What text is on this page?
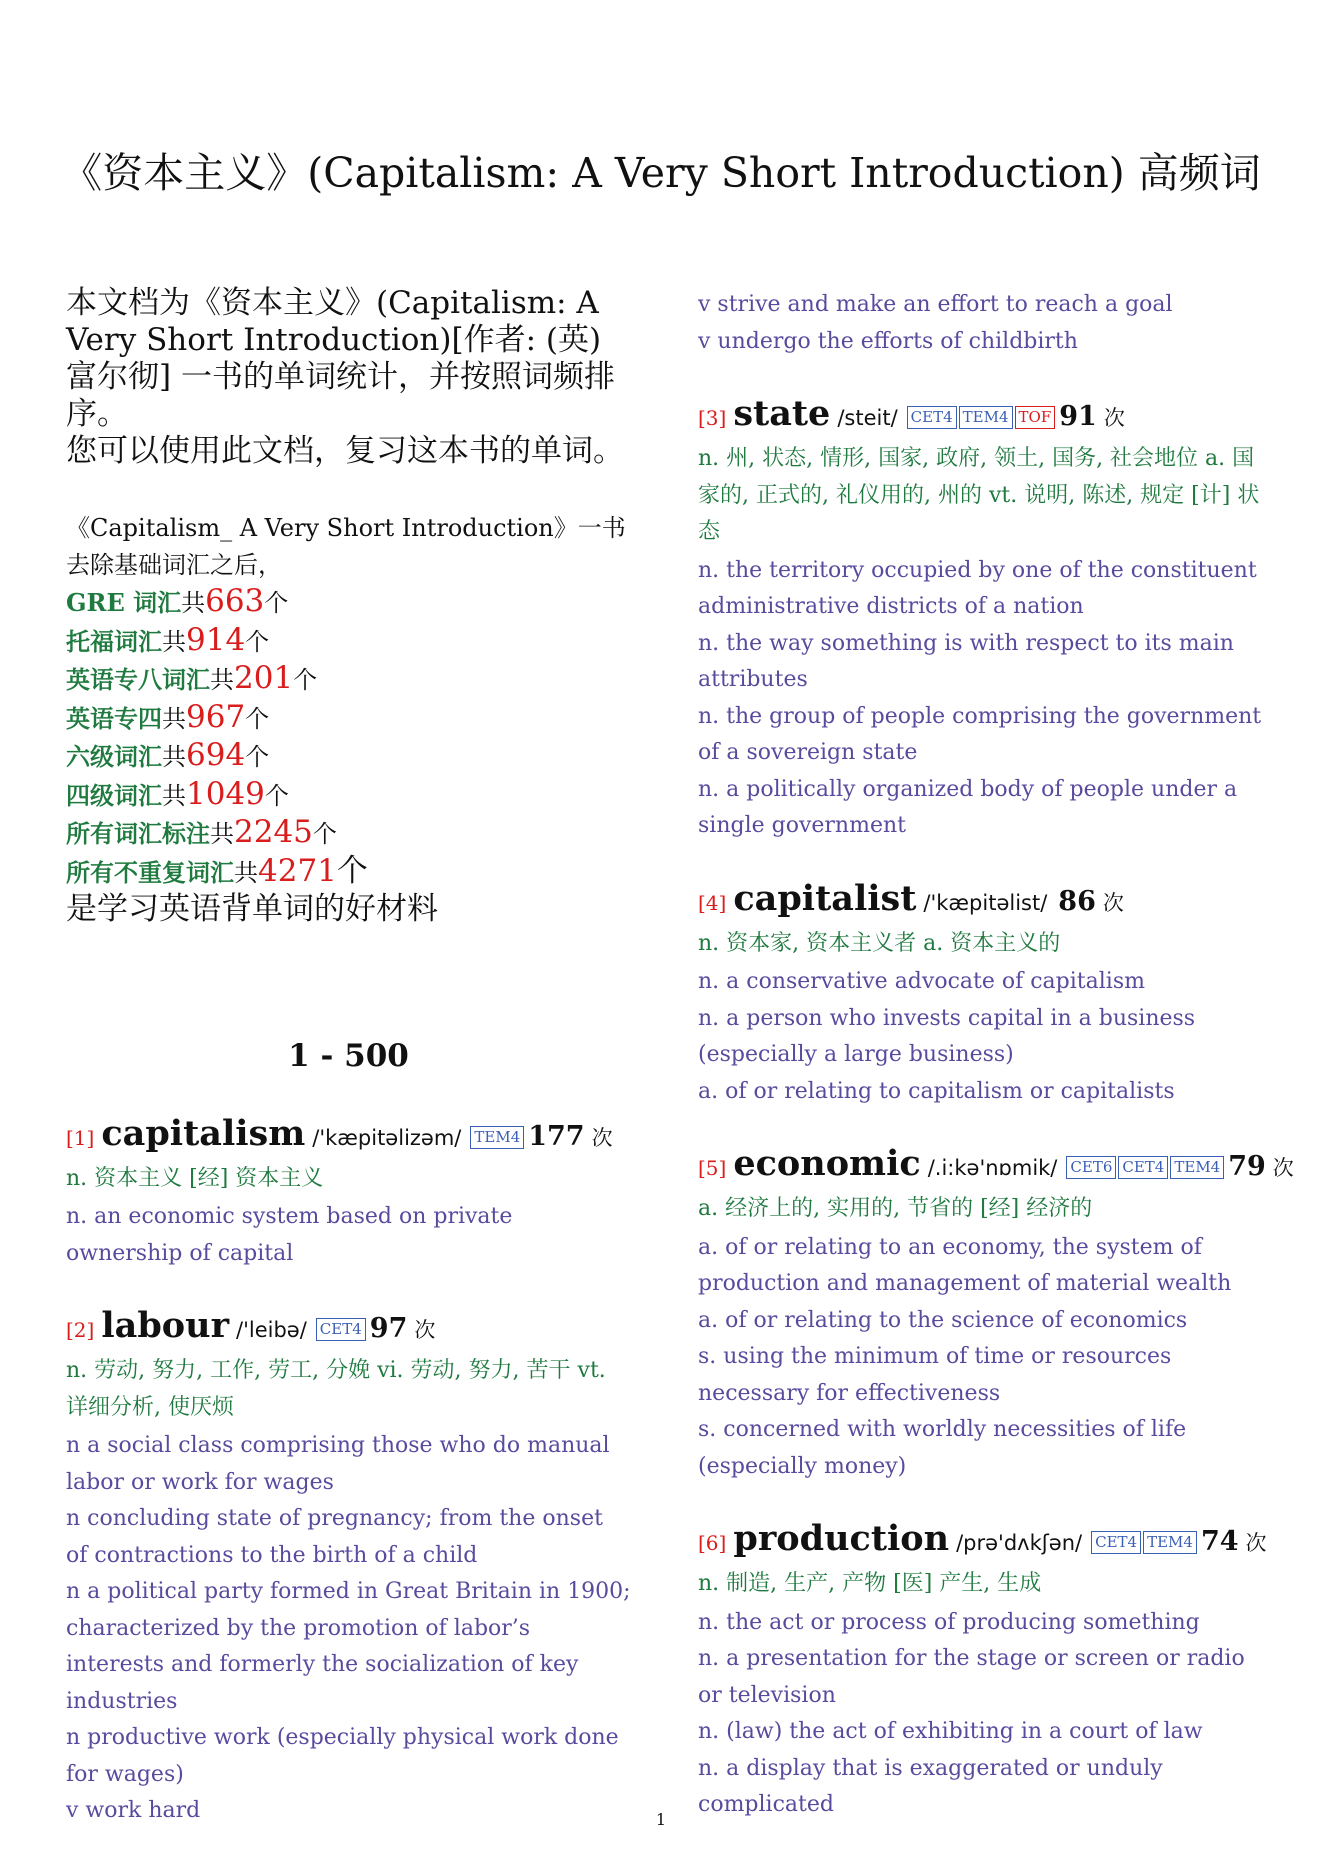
《资本主义》(Capitalism: A Very Short Introduction) 高频词

本文档为《资本主义》(Capitalism: A Very Short Introduction)[作者: (英) 富尔彻] 一书的单词统计，并按照词频排序。

您可以使用此文档，复习这本书的单词。

《Capitalism_ A Very Short Introduction》一书
去除基础词汇之后，
GRE 词汇共663个
托福词汇共914个
英语专八词汇共201个
英语专四共967个
六级词汇共694个
四级词汇共1049个
所有词汇标注共2245个
所有不重复词汇共4271个
是学习英语背单词的好材料
1 - 500
[1] capitalism /'kæpitəlizəm/ TEM4 177 次
n. 资本主义 [经] 资本主义
n. an economic system based on private ownership of capital
[2] labour /'leibə/ CET4 97 次
n. 劳动, 努力, 工作, 劳工, 分娩 vi. 劳动, 努力, 苦干 vt. 详细分析, 使厌烦
n a social class comprising those who do manual labor or work for wages
n concluding state of pregnancy; from the onset of contractions to the birth of a child
n a political party formed in Great Britain in 1900; characterized by the promotion of labor’s interests and formerly the socialization of key industries
n productive work (especially physical work done for wages)
v work hard
v strive and make an effort to reach a goal
v undergo the efforts of childbirth
[3] state /steit/ CET4 TEM4 TOF 91 次
n. 州, 状态, 情形, 国家, 政府, 领土, 国务, 社会地位 a. 国家的, 正式的, 礼仪用的, 州的 vt. 说明, 陈述, 规定 [计] 状态
n. the territory occupied by one of the constituent administrative districts of a nation
n. the way something is with respect to its main attributes
n. the group of people comprising the government of a sovereign state
n. a politically organized body of people under a single government
[4] capitalist /'kæpitəlist/ 86 次
n. 资本家, 资本主义者 a. 资本主义的
n. a conservative advocate of capitalism
n. a person who invests capital in a business (especially a large business)
a. of or relating to capitalism or capitalists
[5] economic /.i:kə'nɒmik/ CET6 CET4 TEM4 79 次
a. 经济上的, 实用的, 节省的 [经] 经济的
a. of or relating to an economy, the system of production and management of material wealth
a. of or relating to the science of economics
s. using the minimum of time or resources necessary for effectiveness
s. concerned with worldly necessities of life (especially money)
[6] production /prə'dʌkʃən/ CET4 TEM4 74 次
n. 制造, 生产, 产物 [医] 产生, 生成
n. the act or process of producing something
n. a presentation for the stage or screen or radio or television
n. (law) the act of exhibiting in a court of law
n. a display that is exaggerated or unduly complicated
1
